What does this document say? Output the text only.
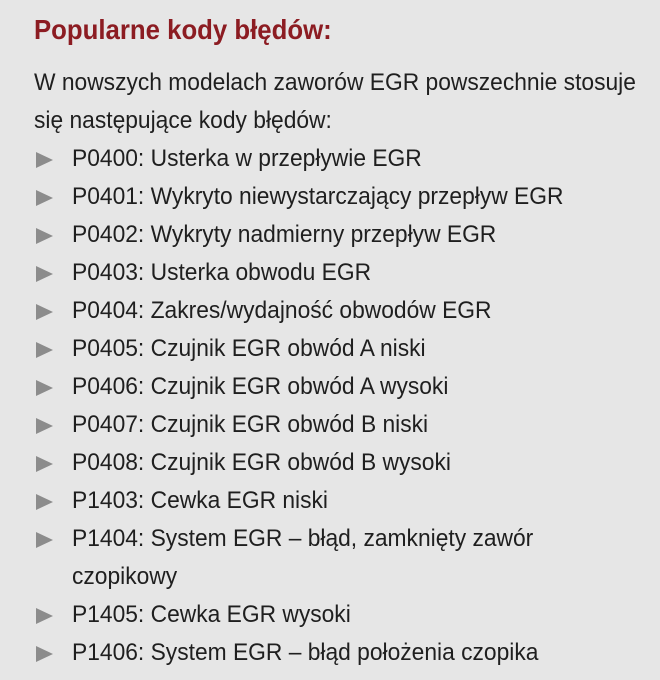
Popularne kody błędów:

W nowszych modelach zaworów EGR powszechnie stosuje się następujące kody błędów:

P0400: Usterka w przepływie EGR
P0401: Wykryto niewystarczający przepływ EGR
P0402: Wykryty nadmierny przepływ EGR
P0403: Usterka obwodu EGR
P0404: Zakres/wydajność obwodów EGR
P0405: Czujnik EGR obwód A niski
P0406: Czujnik EGR obwód A wysoki
P0407: Czujnik EGR obwód B niski
P0408: Czujnik EGR obwód B wysoki
P1403: Cewka EGR niski
P1404: System EGR – błąd, zamknięty zawór czopikowy
P1405: Cewka EGR wysoki
P1406: System EGR – błąd położenia czopika
